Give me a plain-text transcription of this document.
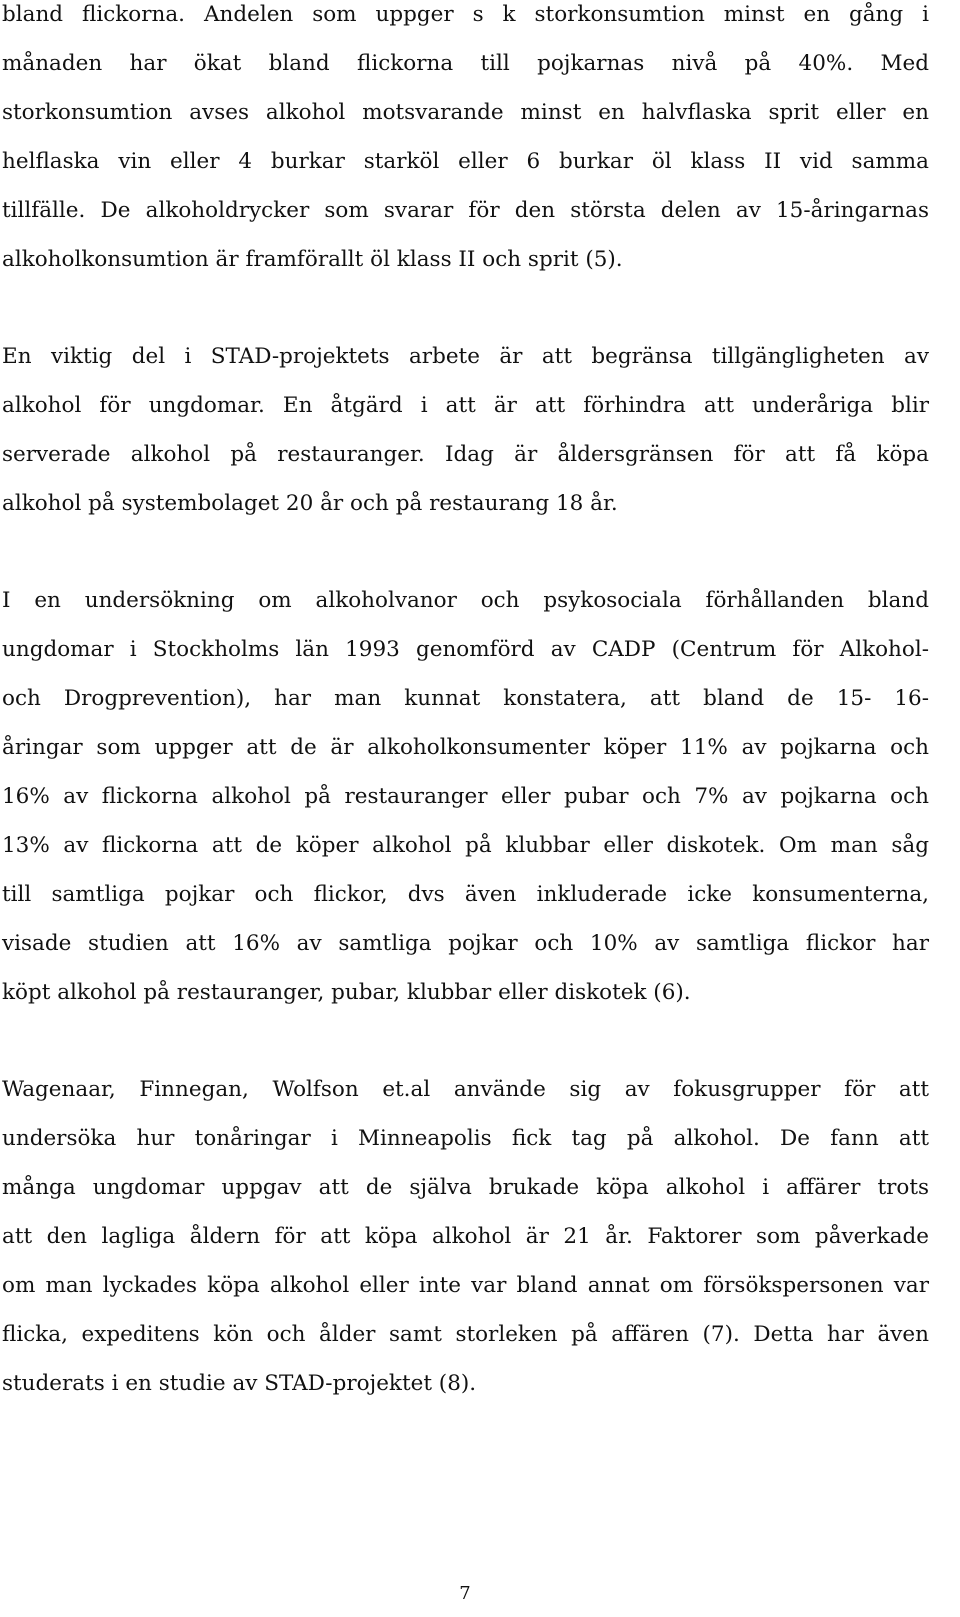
bland flickorna. Andelen som uppger s k storkonsumtion minst en gång i
månaden har ökat bland flickorna till pojkarnas nivå på 40%. Med
storkonsumtion avses alkohol motsvarande minst en halvflaska sprit eller en
helflaska vin eller 4 burkar starköl eller 6 burkar öl klass II vid samma
tillfälle. De alkoholdrycker som svarar för den största delen av 15-åringarnas
alkoholkonsumtion är framförallt öl klass II och sprit (5).
En viktig del i STAD-projektets arbete är att begränsa tillgängligheten av
alkohol för ungdomar. En åtgärd i att är att förhindra att underåriga blir
serverade alkohol på restauranger. Idag är åldersgränsen för att få köpa
alkohol på systembolaget 20 år och på restaurang 18 år.
I en undersökning om alkoholvanor och psykosociala förhållanden bland
ungdomar i Stockholms län 1993 genomförd av CADP (Centrum för Alkohol-
och Drogprevention), har man kunnat konstatera, att bland de 15- 16-
åringar som uppger att de är alkoholkonsumenter köper 11% av pojkarna och
16% av flickorna alkohol på restauranger eller pubar och 7% av pojkarna och
13% av flickorna att de köper alkohol på klubbar eller diskotek. Om man såg
till samtliga pojkar och flickor, dvs även inkluderade icke konsumenterna,
visade studien att 16% av samtliga pojkar och 10% av samtliga flickor har
köpt alkohol på restauranger, pubar, klubbar eller diskotek (6).
Wagenaar, Finnegan, Wolfson et.al använde sig av fokusgrupper för att
undersöka hur tonåringar i Minneapolis fick tag på alkohol. De fann att
många ungdomar uppgav att de själva brukade köpa alkohol i affärer trots
att den lagliga åldern för att köpa alkohol är 21 år. Faktorer som påverkade
om man lyckades köpa alkohol eller inte var bland annat om försökspersonen var
flicka, expeditens kön och ålder samt storleken på affären (7). Detta har även
studerats i en studie av STAD-projektet (8).
7
